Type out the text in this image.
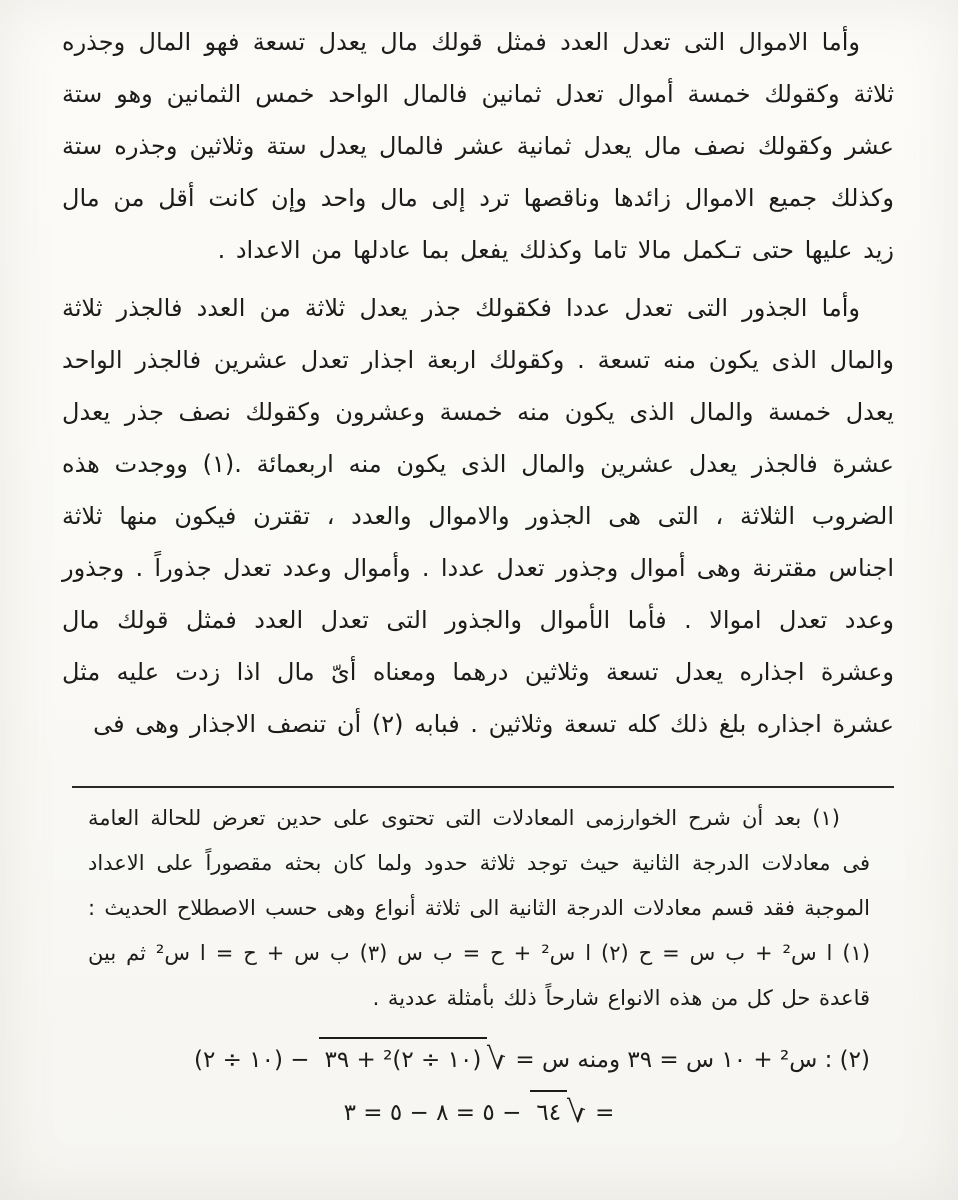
وأما الاموال التى تعدل العدد فمثل قولك مال يعدل تسعة فهو المال وجذره ثلاثة وكقولك خمسة أموال تعدل ثمانين فالمال الواحد خمس الثمانين وهو ستة عشر وكقولك نصف مال يعدل ثمانية عشر فالمال يعدل ستة وثلاثين وجذره ستة وكذلك جميع الاموال زائدها وناقصها ترد إلى مال واحد وإن كانت أقل من مال زيد عليها حتى تـكمل مالا تاما وكذلك يفعل بما عادلها من الاعداد .

وأما الجذور التى تعدل عددا فكقولك جذر يعدل ثلاثة من العدد فالجذر ثلاثة والمال الذى يكون منه تسعة . وكقولك اربعة اجذار تعدل عشرين فالجذر الواحد يعدل خمسة والمال الذى يكون منه خمسة وعشرون وكقولك نصف جذر يعدل عشرة فالجذر يعدل عشرين والمال الذى يكون منه اربعمائة .(١) ووجدت هذه الضروب الثلاثة ، التى هى الجذور والاموال والعدد ، تقترن فيكون منها ثلاثة اجناس مقترنة وهى أموال وجذور تعدل عددا . وأموال وعدد تعدل جذوراً . وجذور وعدد تعدل اموالا . فأما الأموال والجذور التى تعدل العدد فمثل قولك مال وعشرة اجذاره يعدل تسعة وثلاثين درهما ومعناه أىّ مال اذا زدت عليه مثل عشرة اجذاره بلغ ذلك كله تسعة وثلاثين . فبابه (٢) أن تنصف الاجذار وهى فى

(١) بعد أن شرح الخوارزمى المعادلات التى تحتوى على حدين تعرض للحالة العامة فى معادلات الدرجة الثانية حيث توجد ثلاثة حدود ولما كان بحثه مقصوراً على الاعداد الموجبة فقد قسم معادلات الدرجة الثانية الى ثلاثة أنواع وهى حسب الاصطلاح الحديث : (١) ا س² + ب س = ح (٢) ا س² + ح = ب س (٣) ب س + ح = ا س² ثم بين قاعدة حل كل من هذه الانواع شارحاً ذلك بأمثلة عددية .

(٢) : س² + ١٠ س = ٣٩ ومنه س =
√
(١٠ ÷ ٢)² + ٣٩
− (١٠ ÷ ٢)
=
√
٦٤
− ٥ = ٨ − ٥ = ٣
